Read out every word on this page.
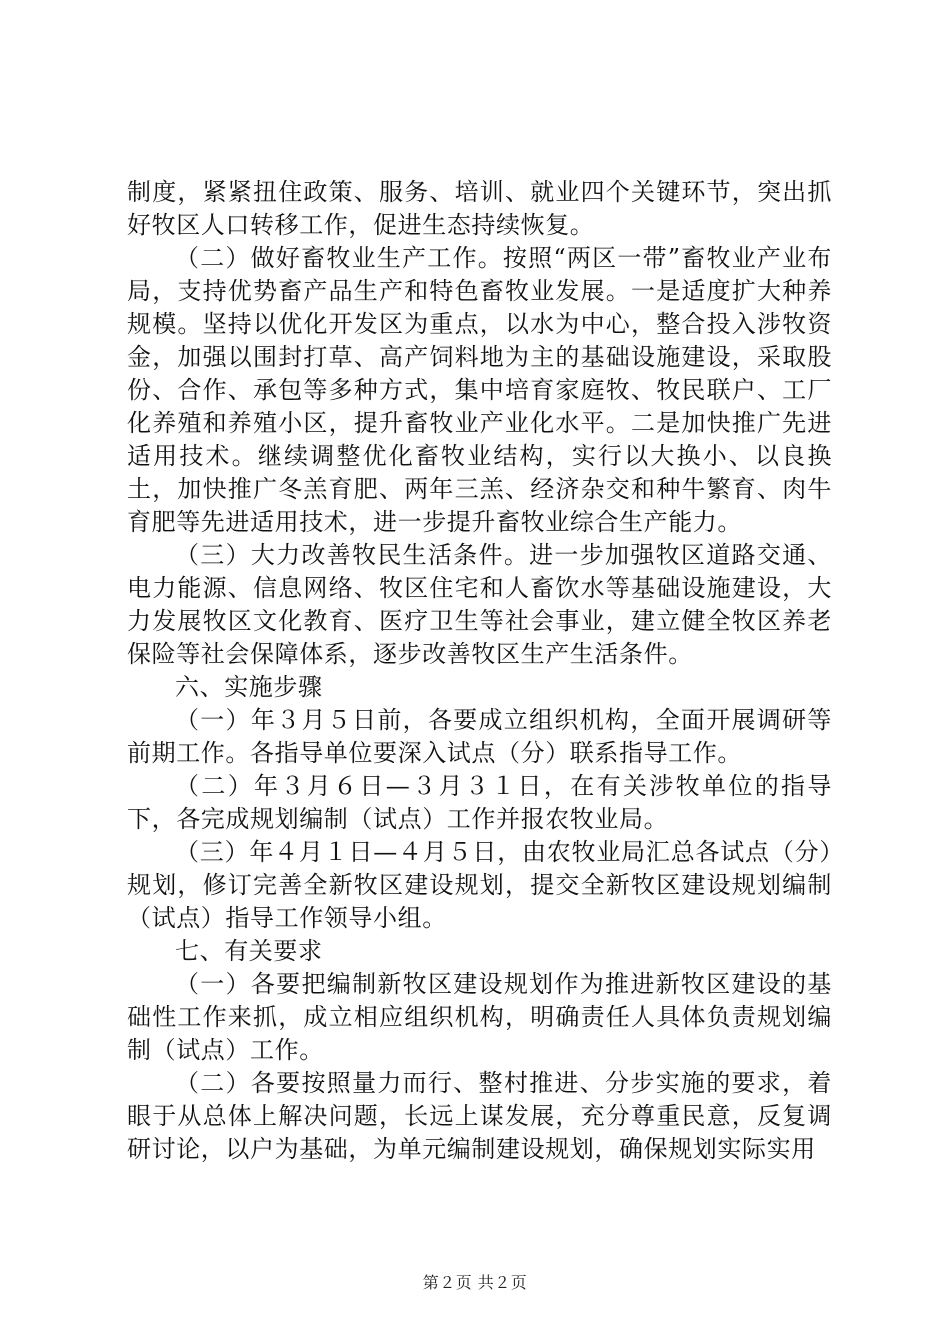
制度，紧紧扭住政策、服务、培训、就业四个关键环节，突出抓好牧区人口转移工作，促进生态持续恢复。

（二）做好畜牧业生产工作。按照“两区一带”畜牧业产业布局，支持优势畜产品生产和特色畜牧业发展。一是适度扩大种养规模。坚持以优化开发区为重点，以水为中心，整合投入涉牧资金，加强以围封打草、高产饲料地为主的基础设施建设，采取股份、合作、承包等多种方式，集中培育家庭牧、牧民联户、工厂化养殖和养殖小区，提升畜牧业产业化水平。二是加快推广先进适用技术。继续调整优化畜牧业结构，实行以大换小、以良换土，加快推广冬羔育肥、两年三羔、经济杂交和种牛繁育、肉牛育肥等先进适用技术，进一步提升畜牧业综合生产能力。

（三）大力改善牧民生活条件。进一步加强牧区道路交通、电力能源、信息网络、牧区住宅和人畜饮水等基础设施建设，大力发展牧区文化教育、医疗卫生等社会事业，建立健全牧区养老保险等社会保障体系，逐步改善牧区生产生活条件。

六、实施步骤

（一）年３月５日前，各要成立组织机构，全面开展调研等前期工作。各指导单位要深入试点（分）联系指导工作。

（二）年３月６日—３月３１日，在有关涉牧单位的指导下，各完成规划编制（试点）工作并报农牧业局。

（三）年４月１日—４月５日，由农牧业局汇总各试点（分）规划，修订完善全新牧区建设规划，提交全新牧区建设规划编制（试点）指导工作领导小组。

七、有关要求

（一）各要把编制新牧区建设规划作为推进新牧区建设的基础性工作来抓，成立相应组织机构，明确责任人具体负责规划编制（试点）工作。

（二）各要按照量力而行、整村推进、分步实施的要求，着眼于从总体上解决问题，长远上谋发展，充分尊重民意，反复调研讨论，以户为基础，为单元编制建设规划，确保规划实际实用

第２页 共２页
